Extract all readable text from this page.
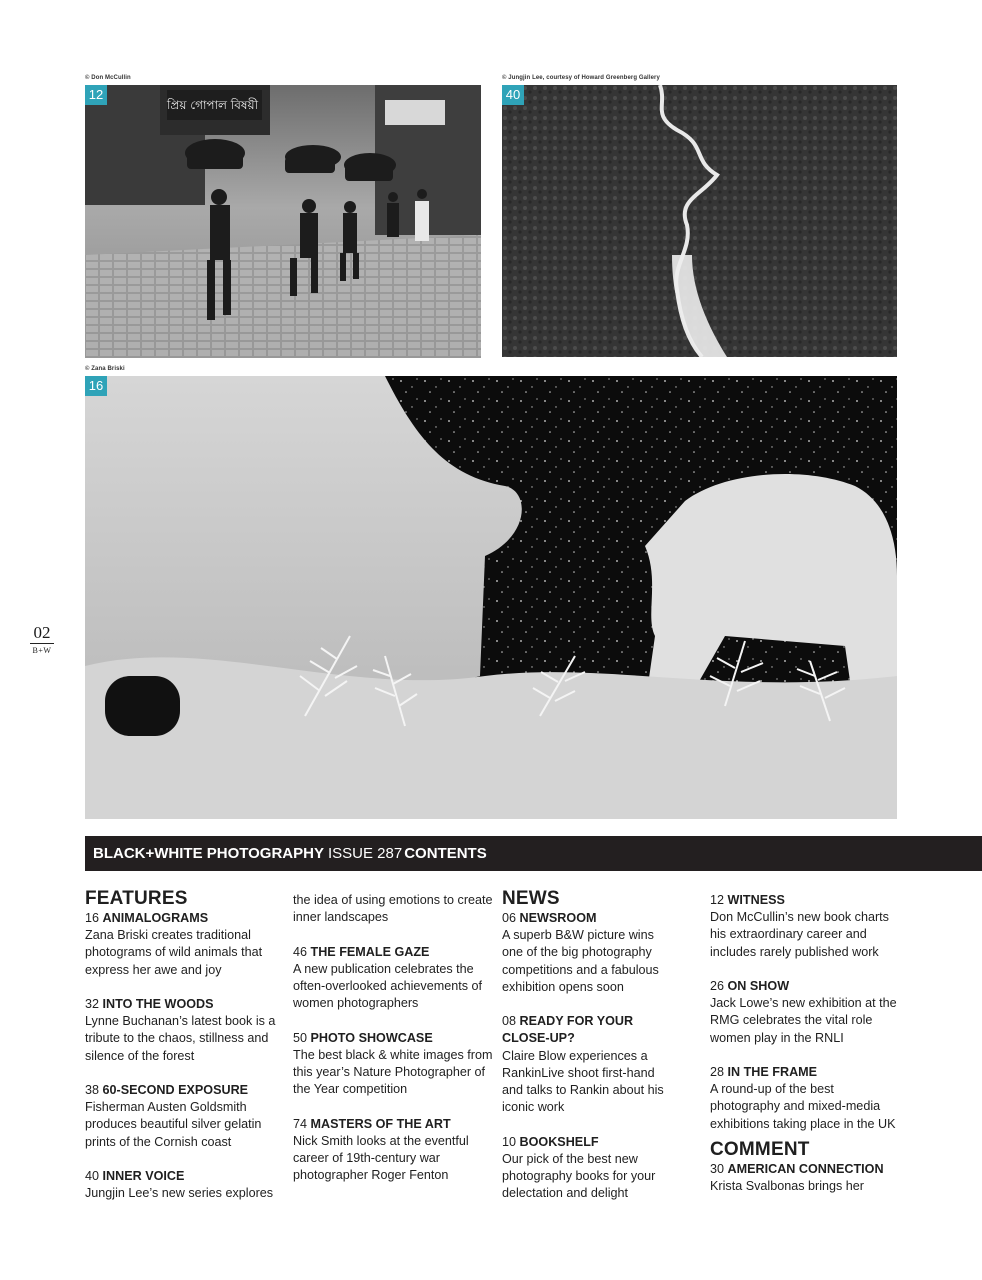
© Don McCullin	© Jungjin Lee, courtesy of Howard Greenberg Gallery
© Zana Briski
12
প্রিয় গোপাল বিষয়ী
40
16
02
B+W
BLACK+WHITE PHOTOGRAPHY ISSUE 287 CONTENTS
FEATURES
16 ANIMALOGRAMS
Zana Briski creates traditional photograms of wild animals that express her awe and joy
32 INTO THE WOODS
Lynne Buchanan’s latest book is a tribute to the chaos, stillness and silence of the forest
38 60-SECOND EXPOSURE
Fisherman Austen Goldsmith produces beautiful silver gelatin prints of the Cornish coast
40 INNER VOICE
Jungjin Lee’s new series explores
the idea of using emotions to create inner landscapes
46 THE FEMALE GAZE
A new publication celebrates the often-overlooked achievements of women photographers
50 PHOTO SHOWCASE
The best black & white images from this year’s Nature Photographer of the Year competition
74 MASTERS OF THE ART
Nick Smith looks at the eventful career of 19th-century war photographer Roger Fenton
NEWS
06 NEWSROOM
A superb B&W picture wins one of the big photography competitions and a fabulous exhibition opens soon
08 READY FOR YOUR CLOSE-UP?
Claire Blow experiences a RankinLive shoot first-hand and talks to Rankin about his iconic work
10 BOOKSHELF
Our pick of the best new photography books for your delectation and delight
12 WITNESS
Don McCullin’s new book charts his extraordinary career and includes rarely published work
26 ON SHOW
Jack Lowe’s new exhibition at the RMG celebrates the vital role women play in the RNLI
28 IN THE FRAME
A round-up of the best photography and mixed-media exhibitions taking place in the UK
COMMENT
30 AMERICAN CONNECTION
Krista Svalbonas brings her
